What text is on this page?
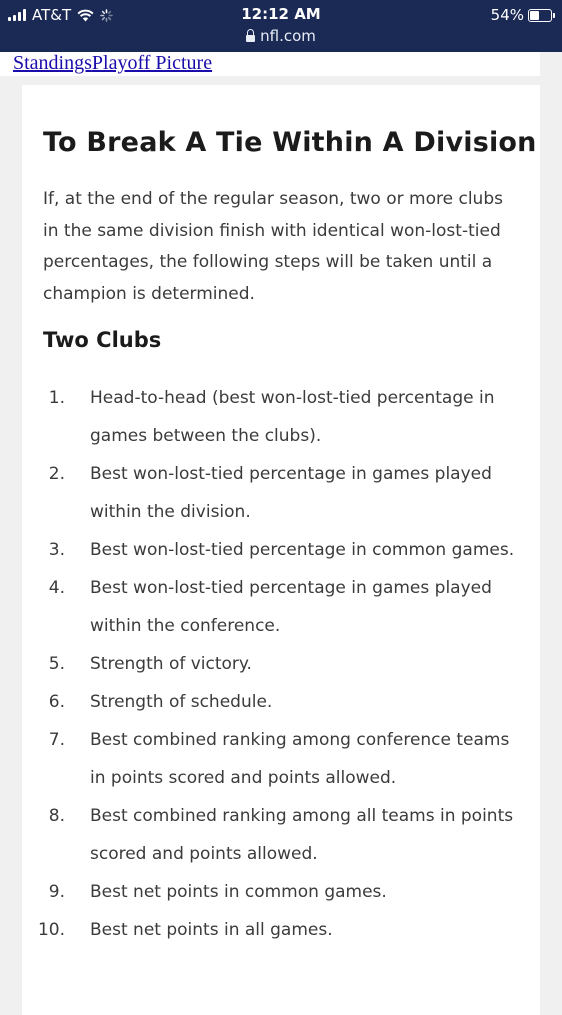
AT&T	12:12 AM	54%
nfl.com
StandingsPlayoff Picture
To Break A Tie Within A Division

If, at the end of the regular season, two or more clubs in the same division finish with identical won-lost-tied percentages, the following steps will be taken until a champion is determined.

Two Clubs
1. Head-to-head (best won-lost-tied percentage in games between the clubs).
2. Best won-lost-tied percentage in games played within the division.
3. Best won-lost-tied percentage in common games.
4. Best won-lost-tied percentage in games played within the conference.
5. Strength of victory.
6. Strength of schedule.
7. Best combined ranking among conference teams in points scored and points allowed.
8. Best combined ranking among all teams in points scored and points allowed.
9. Best net points in common games.
10. Best net points in all games.
